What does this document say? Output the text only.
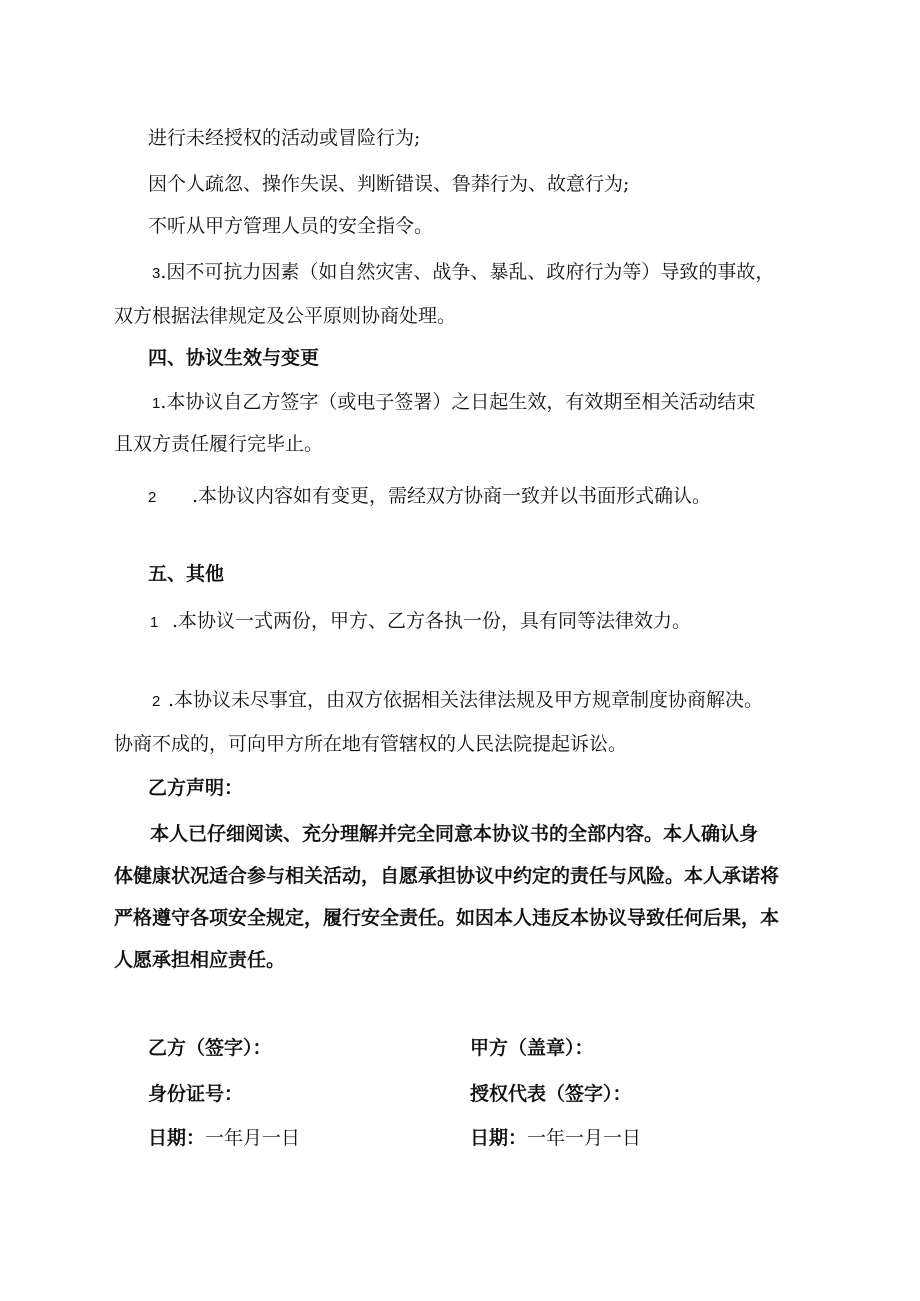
进行未经授权的活动或冒险行为;
因个人疏忽、操作失误、判断错误、鲁莽行为、故意行为;
不听从甲方管理人员的安全指令。
3.因不可抗力因素（如自然灾害、战争、暴乱、政府行为等）导致的事故，
双方根据法律规定及公平原则协商处理。
四、协议生效与变更
1.本协议自乙方签字（或电子签署）之日起生效，有效期至相关活动结束
且双方责任履行完毕止。
2 .本协议内容如有变更，需经双方协商一致并以书面形式确认。
五、其他
1 .本协议一式两份，甲方、乙方各执一份，具有同等法律效力。
2 .本协议未尽事宜，由双方依据相关法律法规及甲方规章制度协商解决。
协商不成的，可向甲方所在地有管辖权的人民法院提起诉讼。
乙方声明：
本人已仔细阅读、充分理解并完全同意本协议书的全部内容。本人确认身
体健康状况适合参与相关活动，自愿承担协议中约定的责任与风险。本人承诺将
严格遵守各项安全规定，履行安全责任。如因本人违反本协议导致任何后果，本
人愿承担相应责任。
乙方（签字）：	甲方（盖章）：
身份证号：	授权代表（签字）：
日期：一年月一日	日期：一年一月一日
